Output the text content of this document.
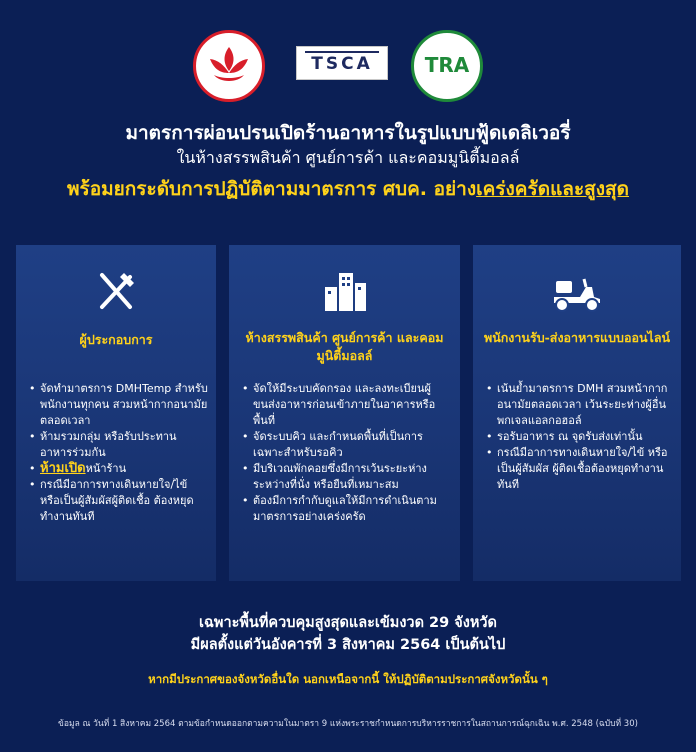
TSCA	TRA
มาตรการผ่อนปรนเปิดร้านอาหารในรูปแบบฟู้ดเดลิเวอรี่
ในห้างสรรพสินค้า ศูนย์การค้า และคอมมูนิตี้มอลล์
พร้อมยกระดับการปฏิบัติตามมาตรการ ศบค. อย่างเคร่งครัดและสูงสุด
ผู้ประกอบการ
• จัดทำมาตรการ DMHTemp สำหรับพนักงานทุกคน สวมหน้ากากอนามัยตลอดเวลา
• ห้ามรวมกลุ่ม หรือรับประทานอาหารร่วมกัน
• ห้ามเปิดหน้าร้าน
• กรณีมีอาการทางเดินหายใจ/ไข้ หรือเป็นผู้สัมผัสผู้ติดเชื้อ ต้องหยุดทำงานทันที
ห้างสรรพสินค้า ศูนย์การค้า และคอมมูนิตี้มอลล์
• จัดให้มีระบบคัดกรอง และลงทะเบียนผู้ขนส่งอาหารก่อนเข้าภายในอาคารหรือพื้นที่
• จัดระบบคิว และกำหนดพื้นที่เป็นการเฉพาะสำหรับรอคิว
• มีบริเวณพักคอยซึ่งมีการเว้นระยะห่างระหว่างที่นั่ง หรือยืนที่เหมาะสม
• ต้องมีการกำกับดูแลให้มีการดำเนินตามมาตรการอย่างเคร่งครัด
พนักงานรับ-ส่งอาหารแบบออนไลน์
• เน้นย้ำมาตรการ DMH สวมหน้ากากอนามัยตลอดเวลา เว้นระยะห่างผู้อื่น พกเจลแอลกอฮอล์
• รอรับอาหาร ณ จุดรับส่งเท่านั้น
• กรณีมีอาการทางเดินหายใจ/ไข้ หรือเป็นผู้สัมผัส ผู้ติดเชื้อต้องหยุดทำงานทันที
เฉพาะพื้นที่ควบคุมสูงสุดและเข้มงวด 29 จังหวัด
มีผลตั้งแต่วันอังคารที่ 3 สิงหาคม 2564 เป็นต้นไป
หากมีประกาศของจังหวัดอื่นใด นอกเหนือจากนี้ ให้ปฏิบัติตามประกาศจังหวัดนั้น ๆ
ข้อมูล ณ วันที่ 1 สิงหาคม 2564 ตามข้อกำหนดออกตามความในมาตรา 9 แห่งพระราชกำหนดการบริหารราชการในสถานการณ์ฉุกเฉิน พ.ศ. 2548 (ฉบับที่ 30)
